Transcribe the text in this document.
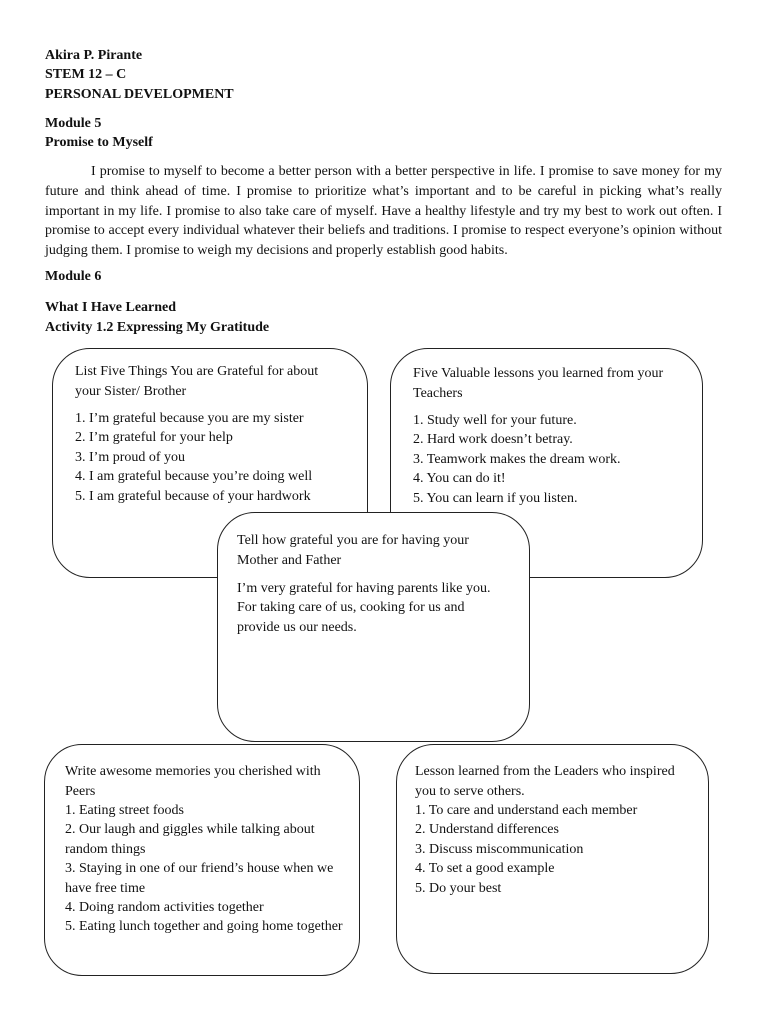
Akira P. Pirante
STEM 12 – C
PERSONAL DEVELOPMENT
Module 5
Promise to Myself

I promise to myself to become a better person with a better perspective in life. I promise to save money for my future and think ahead of time. I promise to prioritize what’s important and to be careful in picking what’s really important in my life. I promise to also take care of myself. Have a healthy lifestyle and try my best to work out often. I promise to accept every individual whatever their beliefs and traditions. I promise to respect everyone’s opinion without judging them. I promise to weigh my decisions and properly establish good habits.

Module 6
What I Have Learned
Activity 1.2 Expressing My Gratitude
List Five Things You are Grateful for about your Sister/ Brother
1. I’m grateful because you are my sister
2. I’m grateful for your help
3. I’m proud of you
4. I am grateful because you’re doing well
5. I am grateful because of your hardwork
Five Valuable lessons you learned from your Teachers
1. Study well for your future.
2. Hard work doesn’t betray.
3. Teamwork makes the dream work.
4. You can do it!
5. You can learn if you listen.
Tell how grateful you are for having your Mother and Father
I’m very grateful for having parents like you. For taking care of us, cooking for us and provide us our needs.
Write awesome memories you cherished with Peers
1. Eating street foods
2. Our laugh and giggles while talking about random things
3. Staying in one of our friend’s house when we have free time
4. Doing random activities together
5. Eating lunch together and going home together
Lesson learned from the Leaders who inspired you to serve others.
1. To care and understand each member
2. Understand differences
3. Discuss miscommunication
4. To set a good example
5. Do your best
